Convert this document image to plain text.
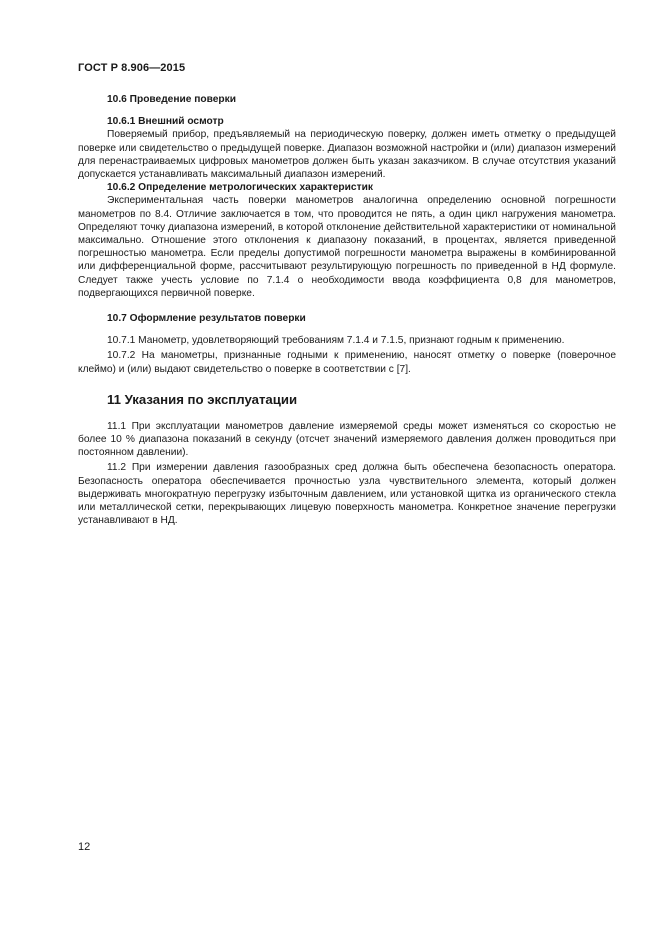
ГОСТ Р 8.906—2015
10.6 Проведение поверки
10.6.1 Внешний осмотр

Поверяемый прибор, предъявляемый на периодическую поверку, должен иметь отметку о предыдущей поверке или свидетельство о предыдущей поверке. Диапазон возможной настройки и (или) диапазон измерений для перенастраиваемых цифровых манометров должен быть указан заказчиком. В случае отсутствия указаний допускается устанавливать максимальный диапазон измерений.

10.6.2 Определение метрологических характеристик

Экспериментальная часть поверки манометров аналогична определению основной погрешности манометров по 8.4. Отличие заключается в том, что проводится не пять, а один цикл нагружения манометра. Определяют точку диапазона измерений, в которой отклонение действительной характеристики от номинальной максимально. Отношение этого отклонения к диапазону показаний, в процентах, является приведенной погрешностью манометра. Если пределы допустимой погрешности манометра выражены в комбинированной или дифференциальной форме, рассчитывают результирующую погрешность по приведенной в НД формуле. Следует также учесть условие по 7.1.4 о необходимости ввода коэффициента 0,8 для манометров, подвергающихся первичной поверке.

10.7 Оформление результатов поверки

10.7.1 Манометр, удовлетворяющий требованиям 7.1.4 и 7.1.5, признают годным к применению.

10.7.2 На манометры, признанные годными к применению, наносят отметку о поверке (поверочное клеймо) и (или) выдают свидетельство о поверке в соответствии с [7].

11 Указания по эксплуатации

11.1 При эксплуатации манометров давление измеряемой среды может изменяться со скоростью не более 10 % диапазона показаний в секунду (отсчет значений измеряемого давления должен проводиться при постоянном давлении).

11.2 При измерении давления газообразных сред должна быть обеспечена безопасность оператора. Безопасность оператора обеспечивается прочностью узла чувствительного элемента, который должен выдерживать многократную перегрузку избыточным давлением, или установкой щитка из органического стекла или металлической сетки, перекрывающих лицевую поверхность манометра. Конкретное значение перегрузки устанавливают в НД.

12
